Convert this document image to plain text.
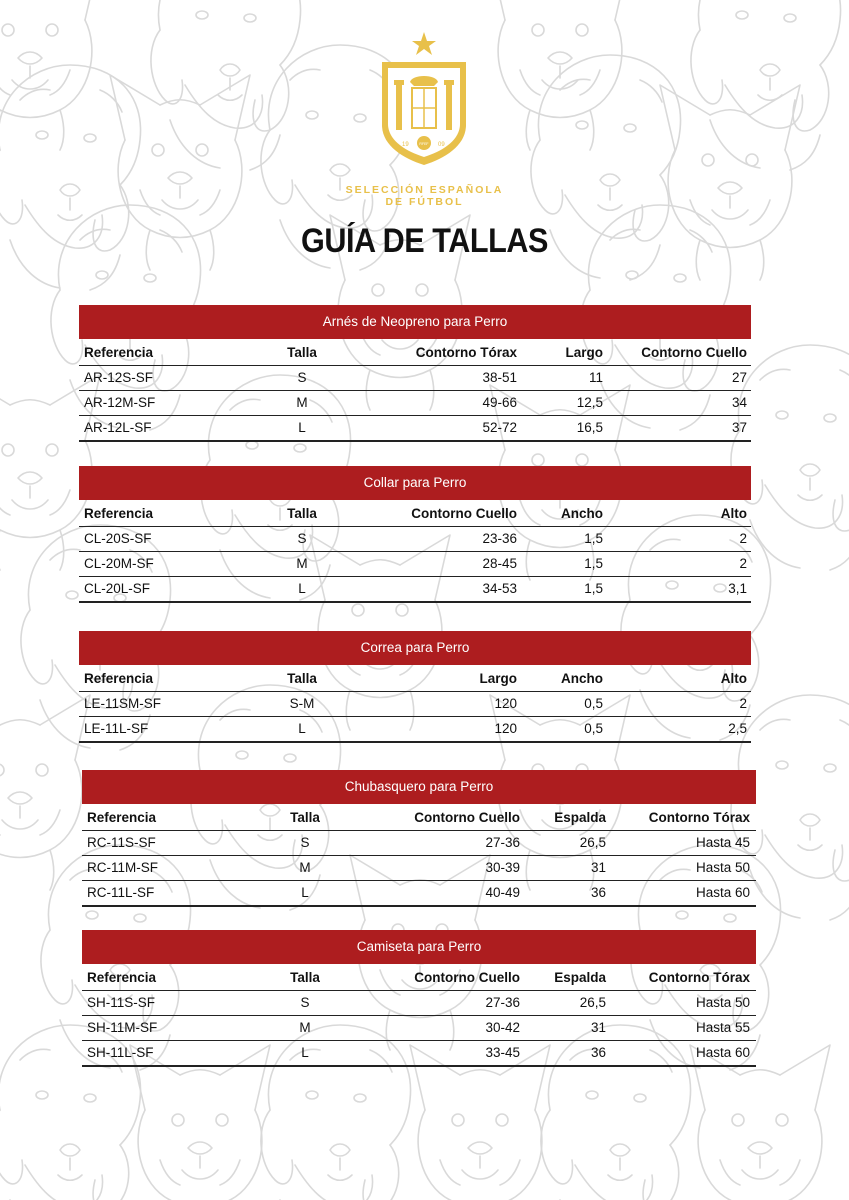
19	09
RFEF
SELECCIÓN ESPAÑOLA
DE FÚTBOL
GUÍA DE TALLAS
Arnés de Neopreno para Perro
Referencia	Talla	Contorno Tórax	Largo	Contorno Cuello
AR-12S-SF	S	38-51	11	27
AR-12M-SF	M	49-66	12,5	34
AR-12L-SF	L	52-72	16,5	37
Collar para Perro
Referencia	Talla	Contorno Cuello	Ancho	Alto
CL-20S-SF	S	23-36	1,5	2
CL-20M-SF	M	28-45	1,5	2
CL-20L-SF	L	34-53	1,5	3,1
Correa para Perro
Referencia	Talla	Largo	Ancho	Alto
LE-11SM-SF	S-M	120	0,5	2
LE-11L-SF	L	120	0,5	2,5
Chubasquero para Perro
Referencia	Talla	Contorno Cuello	Espalda	Contorno Tórax
RC-11S-SF	S	27-36	26,5	Hasta 45
RC-11M-SF	M	30-39	31	Hasta 50
RC-11L-SF	L	40-49	36	Hasta 60
Camiseta para Perro
Referencia	Talla	Contorno Cuello	Espalda	Contorno Tórax
SH-11S-SF	S	27-36	26,5	Hasta 50
SH-11M-SF	M	30-42	31	Hasta 55
SH-11L-SF	L	33-45	36	Hasta 60
